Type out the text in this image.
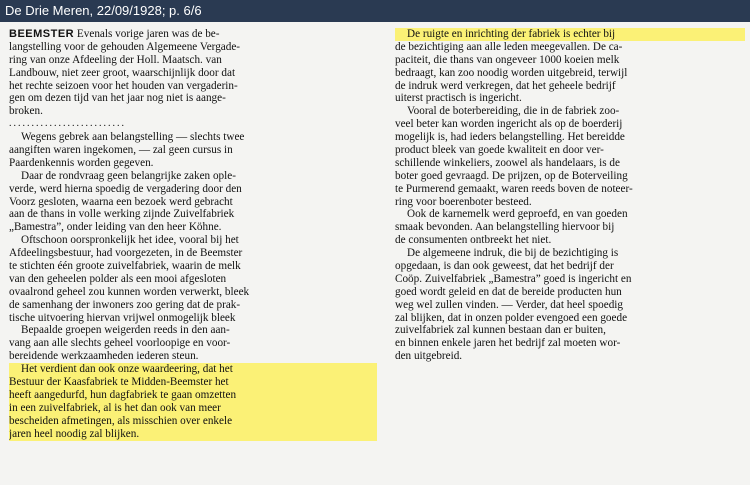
De Drie Meren, 22/09/1928; p. 6/6
BEEMSTER Evenals vorige jaren was de be-
langstelling voor de gehouden Algemeene Vergade-
ring van onze Afdeeling der Holl. Maatsch. van
Landbouw, niet zeer groot, waarschijnlijk door dat
het rechte seizoen voor het houden van vergaderin-
gen om dezen tijd van het jaar nog niet is aange-
broken.
..........................
Wegens gebrek aan belangstelling — slechts twee
aangiften waren ingekomen, — zal geen cursus in
Paardenkennis worden gegeven.
Daar de rondvraag geen belangrijke zaken ople-
verde, werd hierna spoedig de vergadering door den
Voorz gesloten, waarna een bezoek werd gebracht
aan de thans in volle werking zijnde Zuivelfabriek
„Bamestra”, onder leiding van den heer Köhne.
Oftschoon oorspronkelijk het idee, vooral bij het
Afdeelingsbestuur, had voorgezeten, in de Beemster
te stichten één groote zuivelfabriek, waarin de melk
van den geheelen polder als een mooi afgesloten
ovaalrond geheel zou kunnen worden verwerkt, bleek
de samenhang der inwoners zoo gering dat de prak-
tische uitvoering hiervan vrijwel onmogelijk bleek
Bepaalde groepen weigerden reeds in den aan-
vang aan alle slechts geheel voorloopige en voor-
bereidende werkzaamheden iederen steun.
Het verdient dan ook onze waardeering, dat het
Bestuur der Kaasfabriek te Midden-Beemster het
heeft aangedurfd, hun dagfabriek te gaan omzetten
in een zuivelfabriek, al is het dan ook van meer
bescheiden afmetingen, als misschien over enkele
jaren heel noodig zal blijken.
De ruigte en inrichting der fabriek is echter bij
de bezichtiging aan alle leden meegevallen. De ca-
paciteit, die thans van ongeveer 1000 koeien melk
bedraagt, kan zoo noodig worden uitgebreid, terwijl
de indruk werd verkregen, dat het geheele bedrijf
uiterst practisch is ingericht.
Vooral de boterbereiding, die in de fabriek zoo-
veel beter kan worden ingericht als op de boerderij
mogelijk is, had ieders belangstelling. Het bereidde
product bleek van goede kwaliteit en door ver-
schillende winkeliers, zoowel als handelaars, is de
boter goed gevraagd. De prijzen, op de Boterveiling
te Purmerend gemaakt, waren reeds boven de noteer-
ring voor boerenboter besteed.
Ook de karnemelk werd geproefd, en van goeden
smaak bevonden. Aan belangstelling hiervoor bij
de consumenten ontbreekt het niet.
De algemeene indruk, die bij de bezichtiging is
opgedaan, is dan ook geweest, dat het bedrijf der
Coöp. Zuivelfabriek „Bamestra” goed is ingericht en
goed wordt geleid en dat de bereide producten hun
weg wel zullen vinden. — Verder, dat heel spoedig
zal blijken, dat in onzen polder evengoed een goede
zuivelfabriek zal kunnen bestaan dan er buiten,
en binnen enkele jaren het bedrijf zal moeten wor-
den uitgebreid.
